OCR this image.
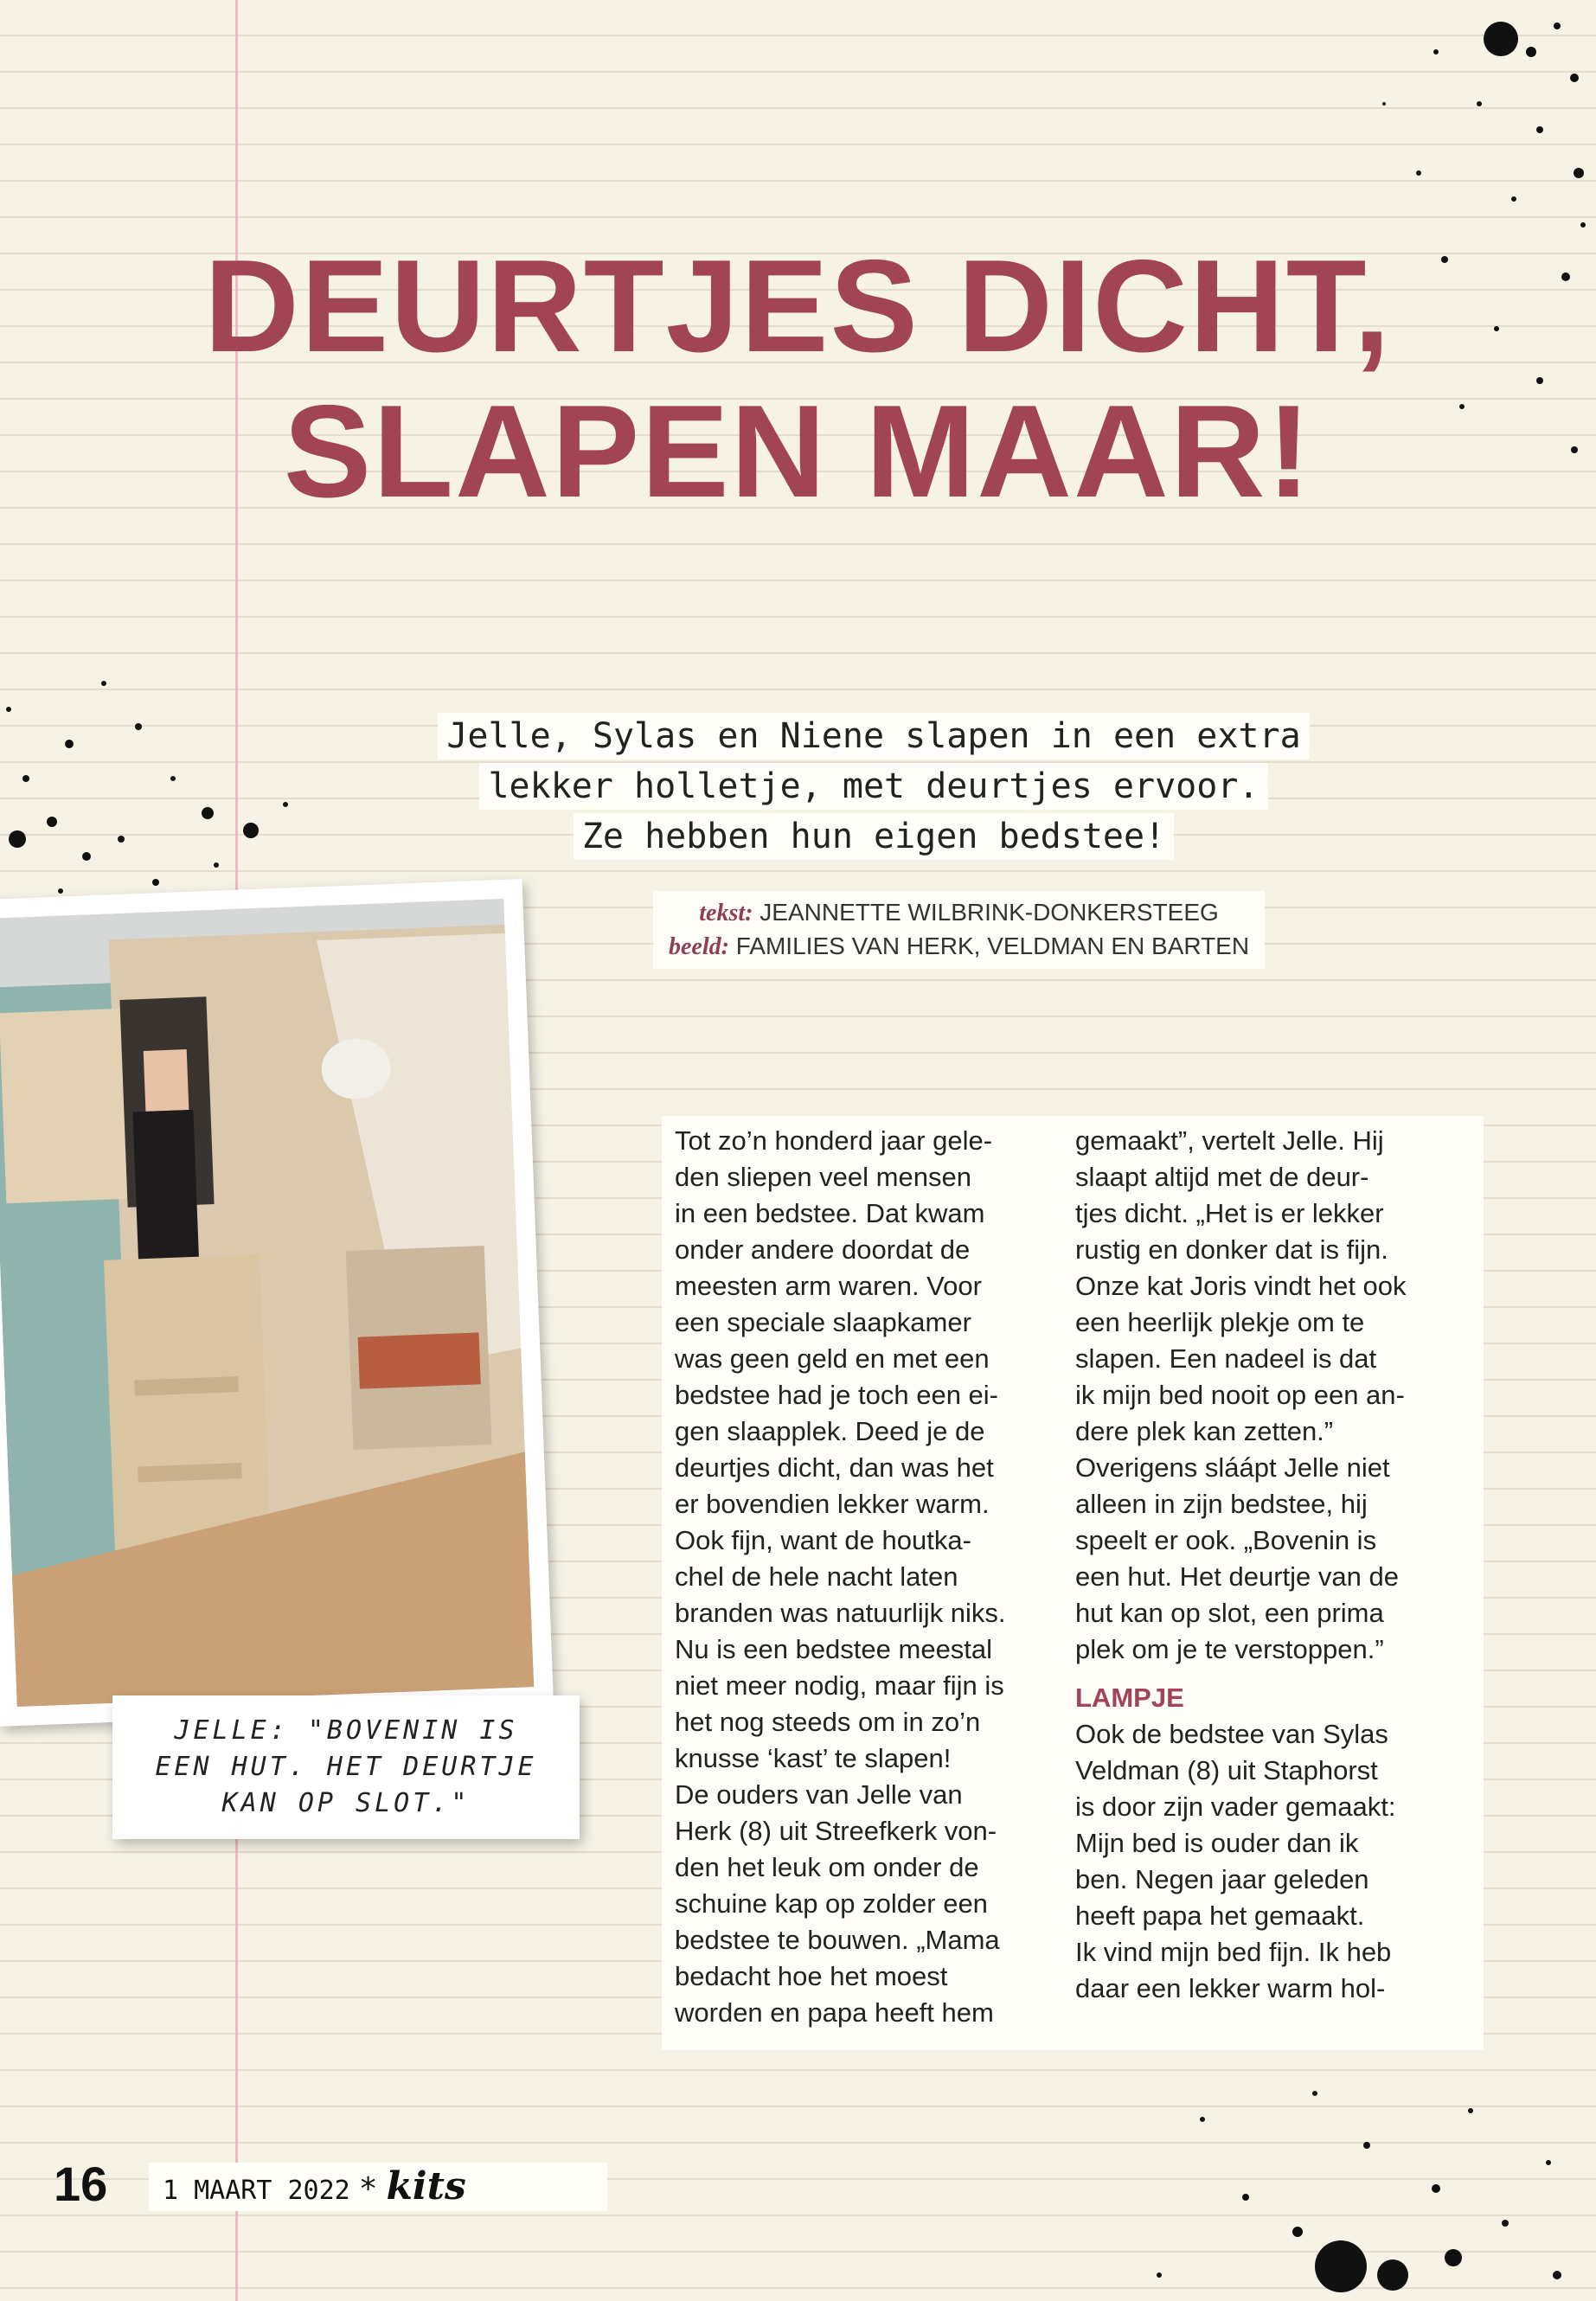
DEURTJES DICHT,
SLAPEN MAAR!
Jelle, Sylas en Niene slapen in een extra
lekker holletje, met deurtjes ervoor.
Ze hebben hun eigen bedstee!
tekst: JEANNETTE WILBRINK-DONKERSTEEG
beeld: FAMILIES VAN HERK, VELDMAN EN BARTEN
JELLE: "BOVENIN IS EEN HUT. HET DEURTJE KAN OP SLOT."

Tot zo’n honderd jaar gele-
den sliepen veel mensen
in een bedstee. Dat kwam
onder andere doordat de
meesten arm waren. Voor
een speciale slaapkamer
was geen geld en met een
bedstee had je toch een ei-
gen slaapplek. Deed je de
deurtjes dicht, dan was het
er bovendien lekker warm.
Ook fijn, want de houtka-
chel de hele nacht laten
branden was natuurlijk niks.
Nu is een bedstee meestal
niet meer nodig, maar fijn is
het nog steeds om in zo’n
knusse ‘kast’ te slapen!
De ouders van Jelle van
Herk (8) uit Streefkerk von-
den het leuk om onder de
schuine kap op zolder een
bedstee te bouwen. „Mama
bedacht hoe het moest
worden en papa heeft hem

gemaakt”, vertelt Jelle. Hij
slaapt altijd met de deur-
tjes dicht. „Het is er lekker
rustig en donker dat is fijn.
Onze kat Joris vindt het ook
een heerlijk plekje om te
slapen. Een nadeel is dat
ik mijn bed nooit op een an-
dere plek kan zetten.”
Overigens sláápt Jelle niet
alleen in zijn bedstee, hij
speelt er ook. „Bovenin is
een hut. Het deurtje van de
hut kan op slot, een prima
plek om je te verstoppen.”

LAMPJE

Ook de bedstee van Sylas
Veldman (8) uit Staphorst
is door zijn vader gemaakt:
Mijn bed is ouder dan ik
ben. Negen jaar geleden
heeft papa het gemaakt.
Ik vind mijn bed fijn. Ik heb
daar een lekker warm hol-

16	1 MAART 2022 * kits
